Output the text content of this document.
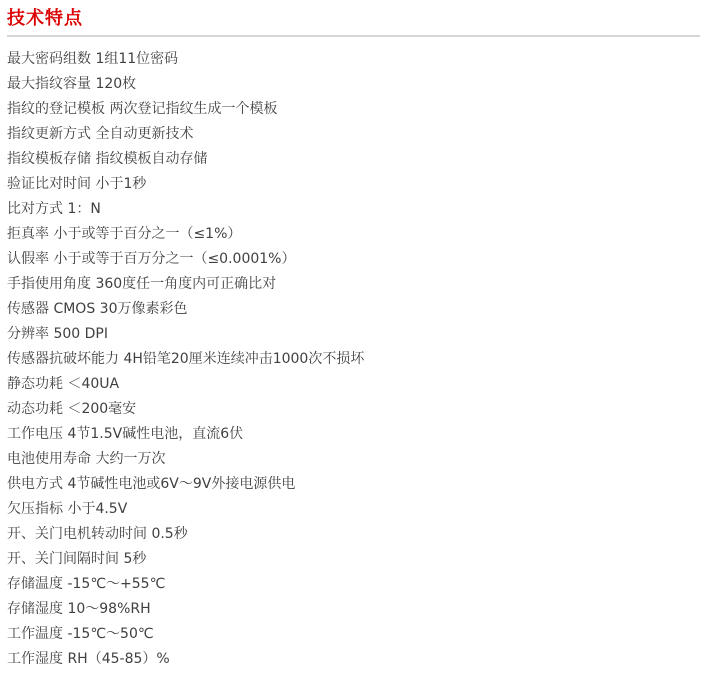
技术特点
最大密码组数 1组11位密码
最大指纹容量 120枚
指纹的登记模板 两次登记指纹生成一个模板
指纹更新方式 全自动更新技术
指纹模板存储 指纹模板自动存储
验证比对时间 小于1秒
比对方式 1：N
拒真率 小于或等于百分之一（≤1%）
认假率 小于或等于百万分之一（≤0.0001%）
手指使用角度 360度任一角度内可正确比对
传感器 CMOS 30万像素彩色
分辨率 500 DPI
传感器抗破坏能力 4H铅笔20厘米连续冲击1000次不损坏
静态功耗 ＜40UA
动态功耗 ＜200毫安
工作电压 4节1.5V碱性电池，直流6伏
电池使用寿命 大约一万次
供电方式 4节碱性电池或6V～9V外接电源供电
欠压指标 小于4.5V
开、关门电机转动时间 0.5秒
开、关门间隔时间 5秒
存储温度 -15℃～+55℃
存储湿度 10～98%RH
工作温度 -15℃～50℃
工作湿度 RH（45-85）%
